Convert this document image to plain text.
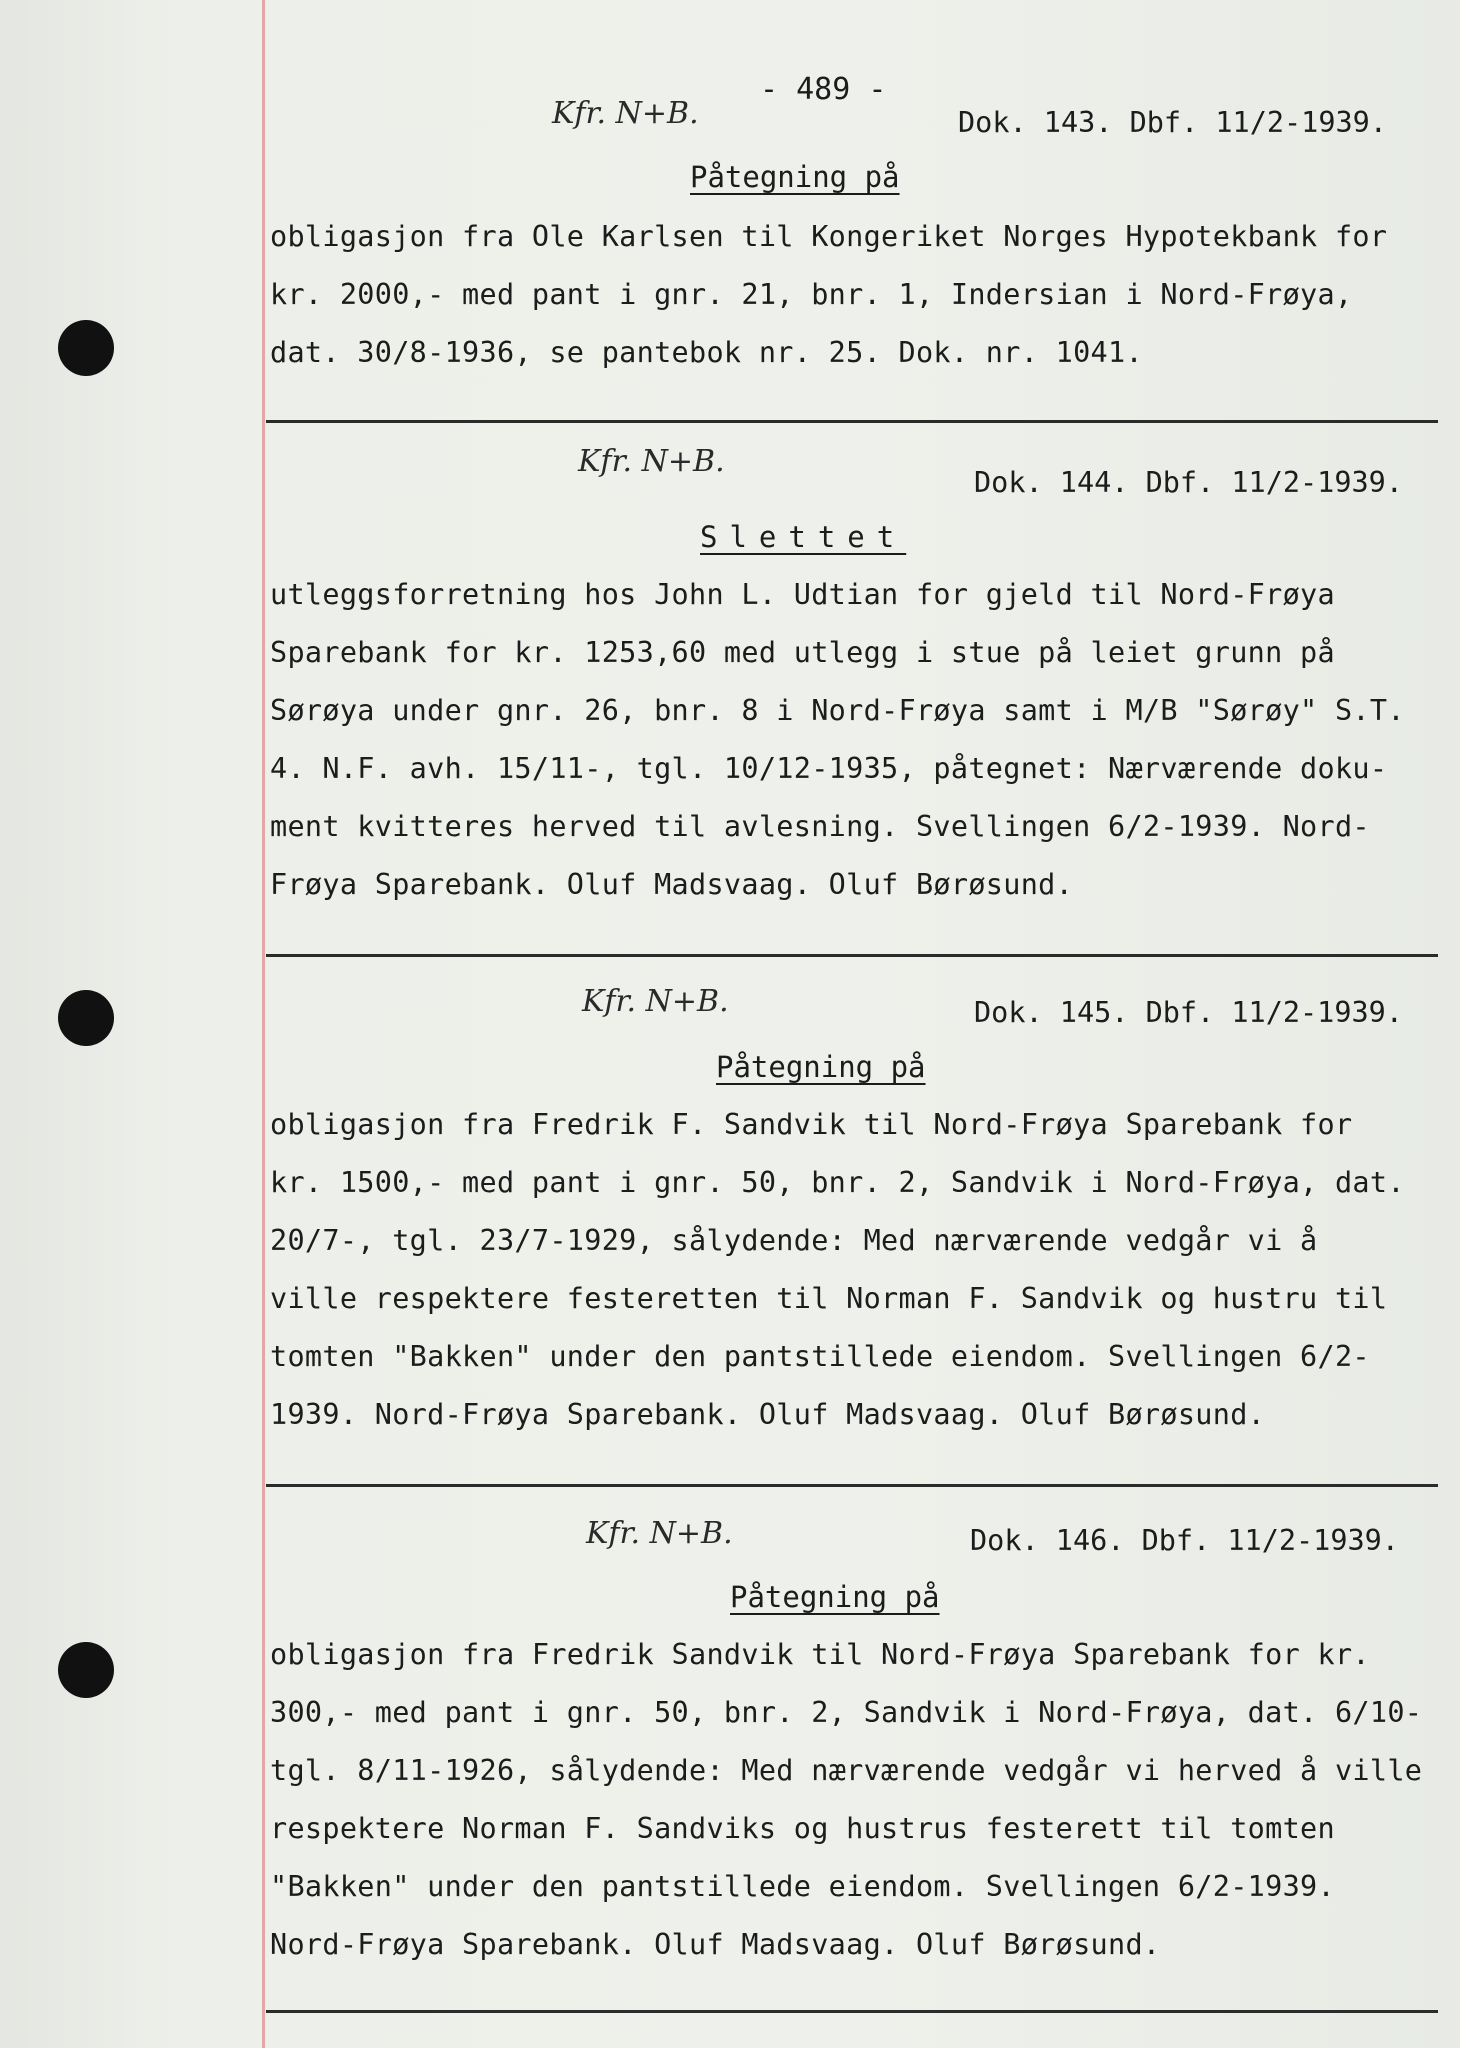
- 489 -
Kfr. N+B.	Dok. 143. Dbf. 11/2-1939.
Påtegning på
obligasjon fra Ole Karlsen til Kongeriket Norges Hypotekbank for
kr. 2000,- med pant i gnr. 21, bnr. 1, Indersian i Nord-Frøya,
dat. 30/8-1936, se pantebok nr. 25. Dok. nr. 1041.
Kfr. N+B.
Dok. 144. Dbf. 11/2-1939.
Slettet
utleggsforretning hos John L. Udtian for gjeld til Nord-Frøya
Sparebank for kr. 1253,60 med utlegg i stue på leiet grunn på
Sørøya under gnr. 26, bnr. 8 i Nord-Frøya samt i M/B "Sørøy" S.T.
4. N.F. avh. 15/11-, tgl. 10/12-1935, påtegnet: Nærværende doku-
ment kvitteres herved til avlesning. Svellingen 6/2-1939. Nord-
Frøya Sparebank. Oluf Madsvaag. Oluf Børøsund.
Kfr. N+B.	Dok. 145. Dbf. 11/2-1939.
Påtegning på
obligasjon fra Fredrik F. Sandvik til Nord-Frøya Sparebank for
kr. 1500,- med pant i gnr. 50, bnr. 2, Sandvik i Nord-Frøya, dat.
20/7-, tgl. 23/7-1929, sålydende: Med nærværende vedgår vi å
ville respektere festeretten til Norman F. Sandvik og hustru til
tomten "Bakken" under den pantstillede eiendom. Svellingen 6/2-
1939. Nord-Frøya Sparebank. Oluf Madsvaag. Oluf Børøsund.
Kfr. N+B.	Dok. 146. Dbf. 11/2-1939.
Påtegning på
obligasjon fra Fredrik Sandvik til Nord-Frøya Sparebank for kr.
300,- med pant i gnr. 50, bnr. 2, Sandvik i Nord-Frøya, dat. 6/10-
tgl. 8/11-1926, sålydende: Med nærværende vedgår vi herved å ville
respektere Norman F. Sandviks og hustrus festerett til tomten
"Bakken" under den pantstillede eiendom. Svellingen 6/2-1939.
Nord-Frøya Sparebank. Oluf Madsvaag. Oluf Børøsund.
